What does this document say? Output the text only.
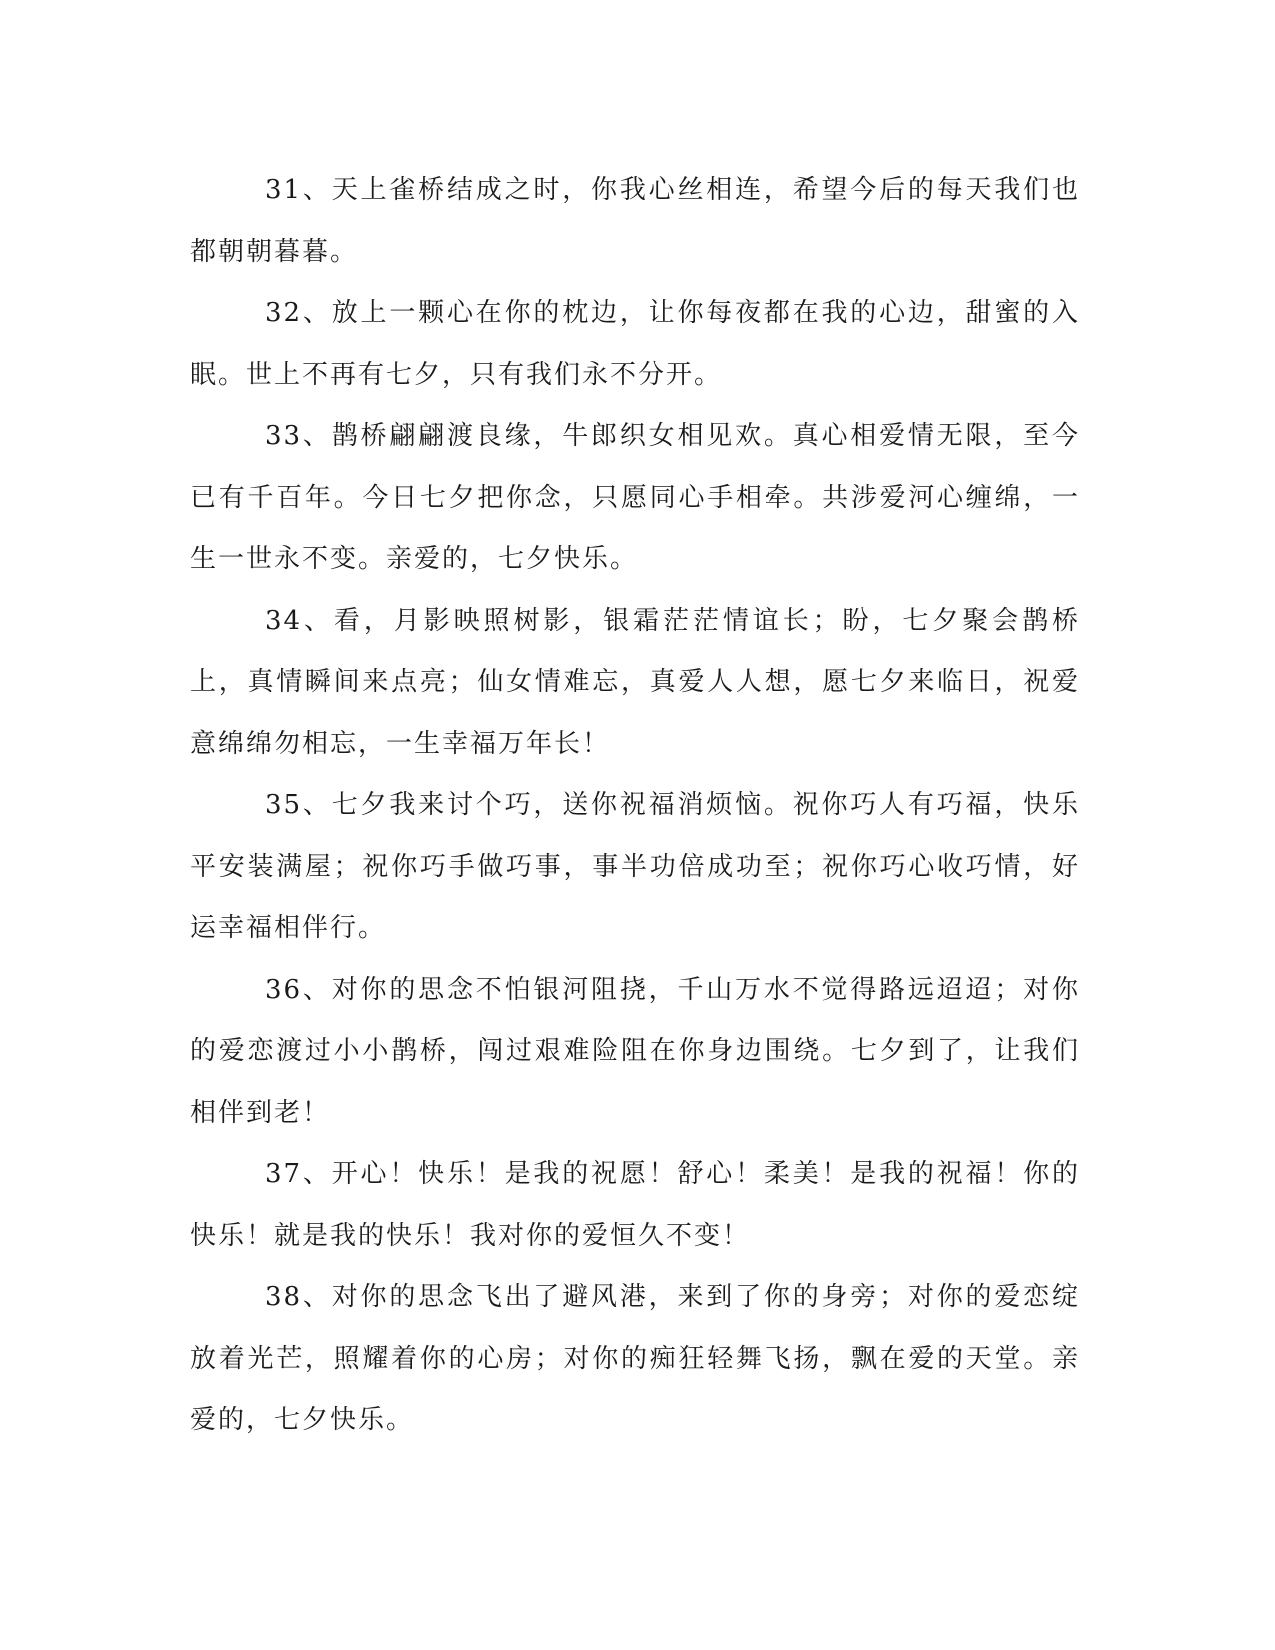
31、天上雀桥结成之时，你我心丝相连，希望今后的每天我们也都朝朝暮暮。

32、放上一颗心在你的枕边，让你每夜都在我的心边，甜蜜的入眠。世上不再有七夕，只有我们永不分开。

33、鹊桥翩翩渡良缘，牛郎织女相见欢。真心相爱情无限，至今已有千百年。今日七夕把你念，只愿同心手相牵。共涉爱河心缠绵，一生一世永不变。亲爱的，七夕快乐。

34、看，月影映照树影，银霜茫茫情谊长；盼，七夕聚会鹊桥上，真情瞬间来点亮；仙女情难忘，真爱人人想，愿七夕来临日，祝爱意绵绵勿相忘，一生幸福万年长！

35、七夕我来讨个巧，送你祝福消烦恼。祝你巧人有巧福，快乐平安装满屋；祝你巧手做巧事，事半功倍成功至；祝你巧心收巧情，好运幸福相伴行。

36、对你的思念不怕银河阻挠，千山万水不觉得路远迢迢；对你的爱恋渡过小小鹊桥，闯过艰难险阻在你身边围绕。七夕到了，让我们相伴到老！

37、开心！快乐！是我的祝愿！舒心！柔美！是我的祝福！你的快乐！就是我的快乐！我对你的爱恒久不变！

38、对你的思念飞出了避风港，来到了你的身旁；对你的爱恋绽放着光芒，照耀着你的心房；对你的痴狂轻舞飞扬，飘在爱的天堂。亲爱的，七夕快乐。
